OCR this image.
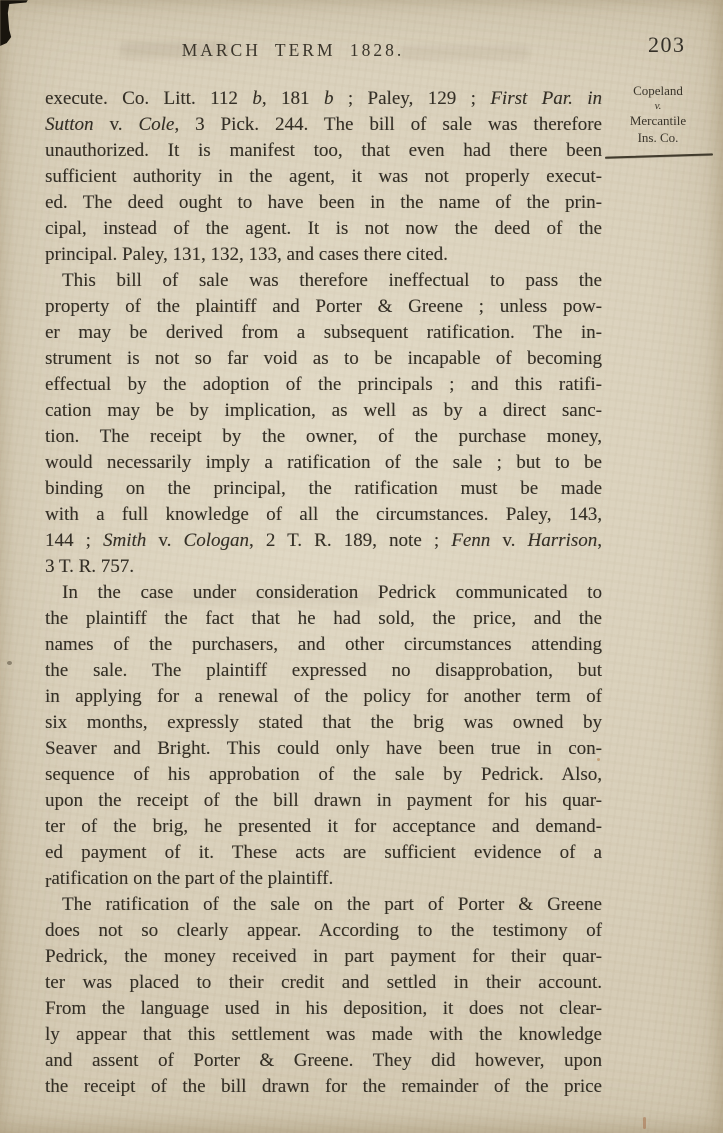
MARCH TERM 1828.	203
Copeland
v.
Mercantile
Ins. Co.
execute. Co. Litt. 112 b, 181 b ; Paley, 129 ; First Par. in
Sutton v. Cole, 3 Pick. 244. The bill of sale was therefore
unauthorized. It is manifest too, that even had there been
sufficient authority in the agent, it was not properly execut-
ed. The deed ought to have been in the name of the prin-
cipal, instead of the agent. It is not now the deed of the
principal. Paley, 131, 132, 133, and cases there cited.
This bill of sale was therefore ineffectual to pass the
property of the plaintiff and Porter & Greene ; unless pow-
er may be derived from a subsequent ratification. The in-
strument is not so far void as to be incapable of becoming
effectual by the adoption of the principals ; and this ratifi-
cation may be by implication, as well as by a direct sanc-
tion. The receipt by the owner, of the purchase money,
would necessarily imply a ratification of the sale ; but to be
binding on the principal, the ratification must be made
with a full knowledge of all the circumstances. Paley, 143,
144 ; Smith v. Cologan, 2 T. R. 189, note ; Fenn v. Harrison,
3 T. R. 757.
In the case under consideration Pedrick communicated to
the plaintiff the fact that he had sold, the price, and the
names of the purchasers, and other circumstances attending
the sale. The plaintiff expressed no disapprobation, but
in applying for a renewal of the policy for another term of
six months, expressly stated that the brig was owned by
Seaver and Bright. This could only have been true in con-
sequence of his approbation of the sale by Pedrick. Also,
upon the receipt of the bill drawn in payment for his quar-
ter of the brig, he presented it for acceptance and demand-
ed payment of it. These acts are sufficient evidence of a
ratification on the part of the plaintiff.
The ratification of the sale on the part of Porter & Greene
does not so clearly appear. According to the testimony of
Pedrick, the money received in part payment for their quar-
ter was placed to their credit and settled in their account.
From the language used in his deposition, it does not clear-
ly appear that this settlement was made with the knowledge
and assent of Porter & Greene. They did however, upon
the receipt of the bill drawn for the remainder of the price
